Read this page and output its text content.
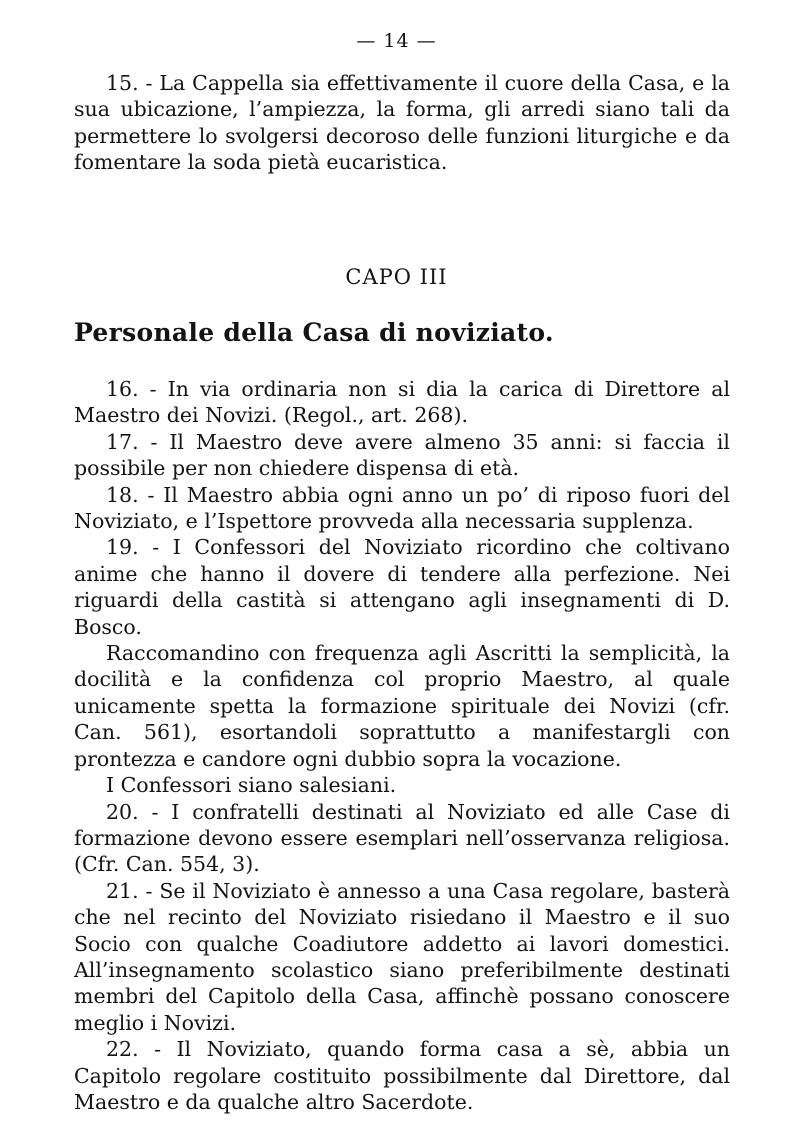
— 14 —

15. - La Cappella sia effettivamente il cuore della Casa, e la sua ubicazione, l’ampiezza, la forma, gli arredi siano tali da permettere lo svolgersi decoroso delle funzioni liturgiche e da fomentare la soda pietà eucaristica.

CAPO III
Personale della Casa di noviziato.

16. - In via ordinaria non si dia la carica di Direttore al Maestro dei Novizi. (Regol., art. 268).

17. - Il Maestro deve avere almeno 35 anni: si faccia il possibile per non chiedere dispensa di età.

18. - Il Maestro abbia ogni anno un po’ di riposo fuori del Noviziato, e l’Ispettore provveda alla necessaria supplenza.

19. - I Confessori del Noviziato ricordino che coltivano anime che hanno il dovere di tendere alla perfezione. Nei riguardi della castità si attengano agli insegnamenti di D. Bosco.

Raccomandino con frequenza agli Ascritti la semplicità, la docilità e la confidenza col proprio Maestro, al quale unicamente spetta la formazione spirituale dei Novizi (cfr. Can. 561), esortandoli soprattutto a manifestargli con prontezza e candore ogni dubbio sopra la vocazione.

I Confessori siano salesiani.

20. - I confratelli destinati al Noviziato ed alle Case di formazione devono essere esemplari nell’osservanza religiosa. (Cfr. Can. 554, 3).

21. - Se il Noviziato è annesso a una Casa regolare, basterà che nel recinto del Noviziato risiedano il Maestro e il suo Socio con qualche Coadiutore addetto ai lavori domestici. All’insegnamento scolastico siano preferibilmente destinati membri del Capitolo della Casa, affinchè possano conoscere meglio i Novizi.

22. - Il Noviziato, quando forma casa a sè, abbia un Capitolo regolare costituito possibilmente dal Direttore, dal Maestro e da qualche altro Sacerdote.
